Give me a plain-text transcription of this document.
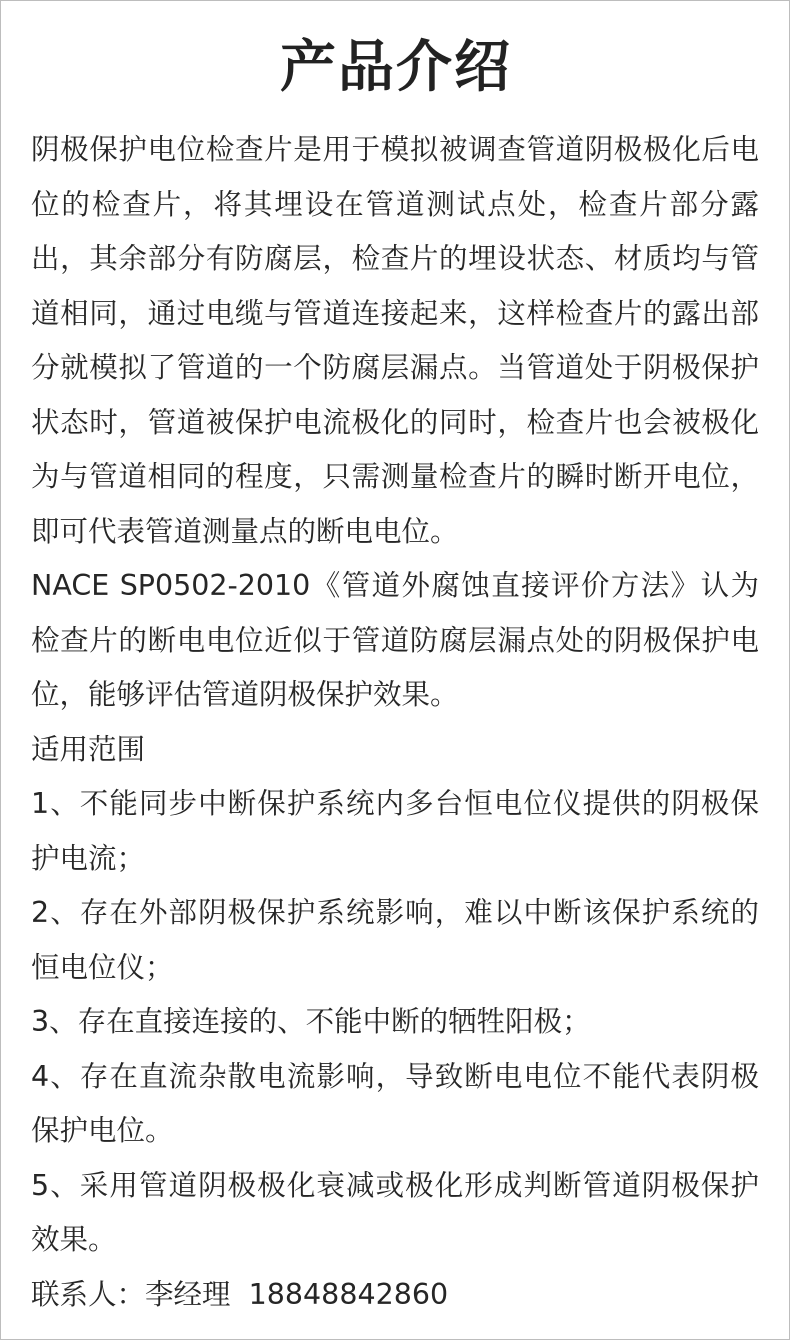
产品介绍

阴极保护电位检查片是用于模拟被调查管道阴极极化后电位的检查片，将其埋设在管道测试点处，检查片部分露出，其余部分有防腐层，检查片的埋设状态、材质均与管道相同，通过电缆与管道连接起来，这样检查片的露出部分就模拟了管道的一个防腐层漏点。当管道处于阴极保护状态时，管道被保护电流极化的同时，检查片也会被极化为与管道相同的程度，只需测量检查片的瞬时断开电位，即可代表管道测量点的断电电位。

NACE SP0502-2010《管道外腐蚀直接评价方法》认为检查片的断电电位近似于管道防腐层漏点处的阴极保护电位，能够评估管道阴极保护效果。

适用范围

1、不能同步中断保护系统内多台恒电位仪提供的阴极保护电流；

2、存在外部阴极保护系统影响，难以中断该保护系统的恒电位仪；

3、存在直接连接的、不能中断的牺牲阳极；

4、存在直流杂散电流影响，导致断电电位不能代表阴极保护电位。

5、采用管道阴极极化衰减或极化形成判断管道阴极保护效果。

联系人：李经理 18848842860
